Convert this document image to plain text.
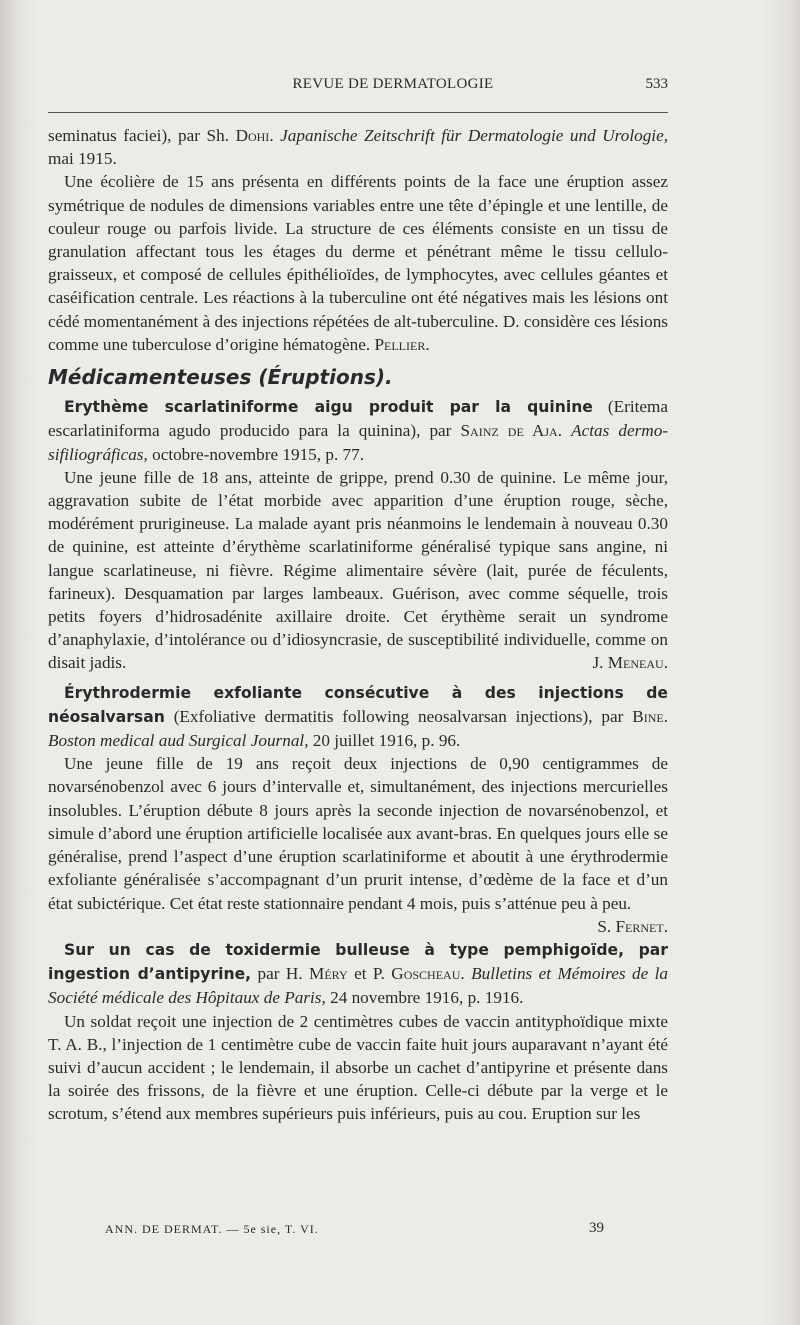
REVUE DE DERMATOLOGIE	533

seminatus faciei), par Sh. Dohi. Japanische Zeitschrift für Dermatologie und Urologie, mai 1915.

Une écolière de 15 ans présenta en différents points de la face une éruption assez symétrique de nodules de dimensions variables entre une tête d’épingle et une lentille, de couleur rouge ou parfois livide. La structure de ces éléments consiste en un tissu de granulation affectant tous les étages du derme et pénétrant même le tissu cellulo-graisseux, et composé de cellules épithélioïdes, de lymphocytes, avec cellules géantes et caséification centrale. Les réactions à la tuberculine ont été négatives mais les lésions ont cédé momentanément à des injections répétées de alt-tuberculine. D. considère ces lésions comme une tuberculose d’origine hématogène. Pellier.

Médicamenteuses (Éruptions).

Erythème scarlatiniforme aigu produit par la quinine (Eritema escarlatiniforma agudo producido para la quinina), par Sainz de Aja. Actas dermo-sifiliográficas, octobre-novembre 1915, p. 77.

Une jeune fille de 18 ans, atteinte de grippe, prend 0.30 de quinine. Le même jour, aggravation subite de l’état morbide avec apparition d’une éruption rouge, sèche, modérément prurigineuse. La malade ayant pris néanmoins le lendemain à nouveau 0.30 de quinine, est atteinte d’érythème scarlatiniforme généralisé typique sans angine, ni langue scarlatineuse, ni fièvre. Régime alimentaire sévère (lait, purée de féculents, farineux). Desquamation par larges lambeaux. Guérison, avec comme séquelle, trois petits foyers d’hidrosadénite axillaire droite. Cet érythème serait un syndrome d’anaphylaxie, d’intolérance ou d’idiosyncrasie, de susceptibilité individuelle, comme on disait jadis.	J. Meneau.

Érythrodermie exfoliante consécutive à des injections de néosalvarsan (Exfoliative dermatitis following neosalvarsan injections), par Bine. Boston medical aud Surgical Journal, 20 juillet 1916, p. 96.

Une jeune fille de 19 ans reçoit deux injections de 0,90 centigrammes de novarsénobenzol avec 6 jours d’intervalle et, simultanément, des injections mercurielles insolubles. L’éruption débute 8 jours après la seconde injection de novarsénobenzol, et simule d’abord une éruption artificielle localisée aux avant-bras. En quelques jours elle se généralise, prend l’aspect d’une éruption scarlatiniforme et aboutit à une érythrodermie exfoliante généralisée s’accompagnant d’un prurit intense, d’œdème de la face et d’un état subictérique. Cet état reste stationnaire pendant 4 mois, puis s’atténue peu à peu.
S. Fernet.

Sur un cas de toxidermie bulleuse à type pemphigoïde, par ingestion d’antipyrine, par H. Méry et P. Goscheau. Bulletins et Mémoires de la Société médicale des Hôpitaux de Paris, 24 novembre 1916, p. 1916.

Un soldat reçoit une injection de 2 centimètres cubes de vaccin antityphoïdique mixte T. A. B., l’injection de 1 centimètre cube de vaccin faite huit jours auparavant n’ayant été suivi d’aucun accident ; le lendemain, il absorbe un cachet d’antipyrine et présente dans la soirée des frissons, de la fièvre et une éruption. Celle-ci débute par la verge et le scrotum, s’étend aux membres supérieurs puis inférieurs, puis au cou. Eruption sur les

ANN. DE DERMAT. — 5e sie, T. VI.	39
